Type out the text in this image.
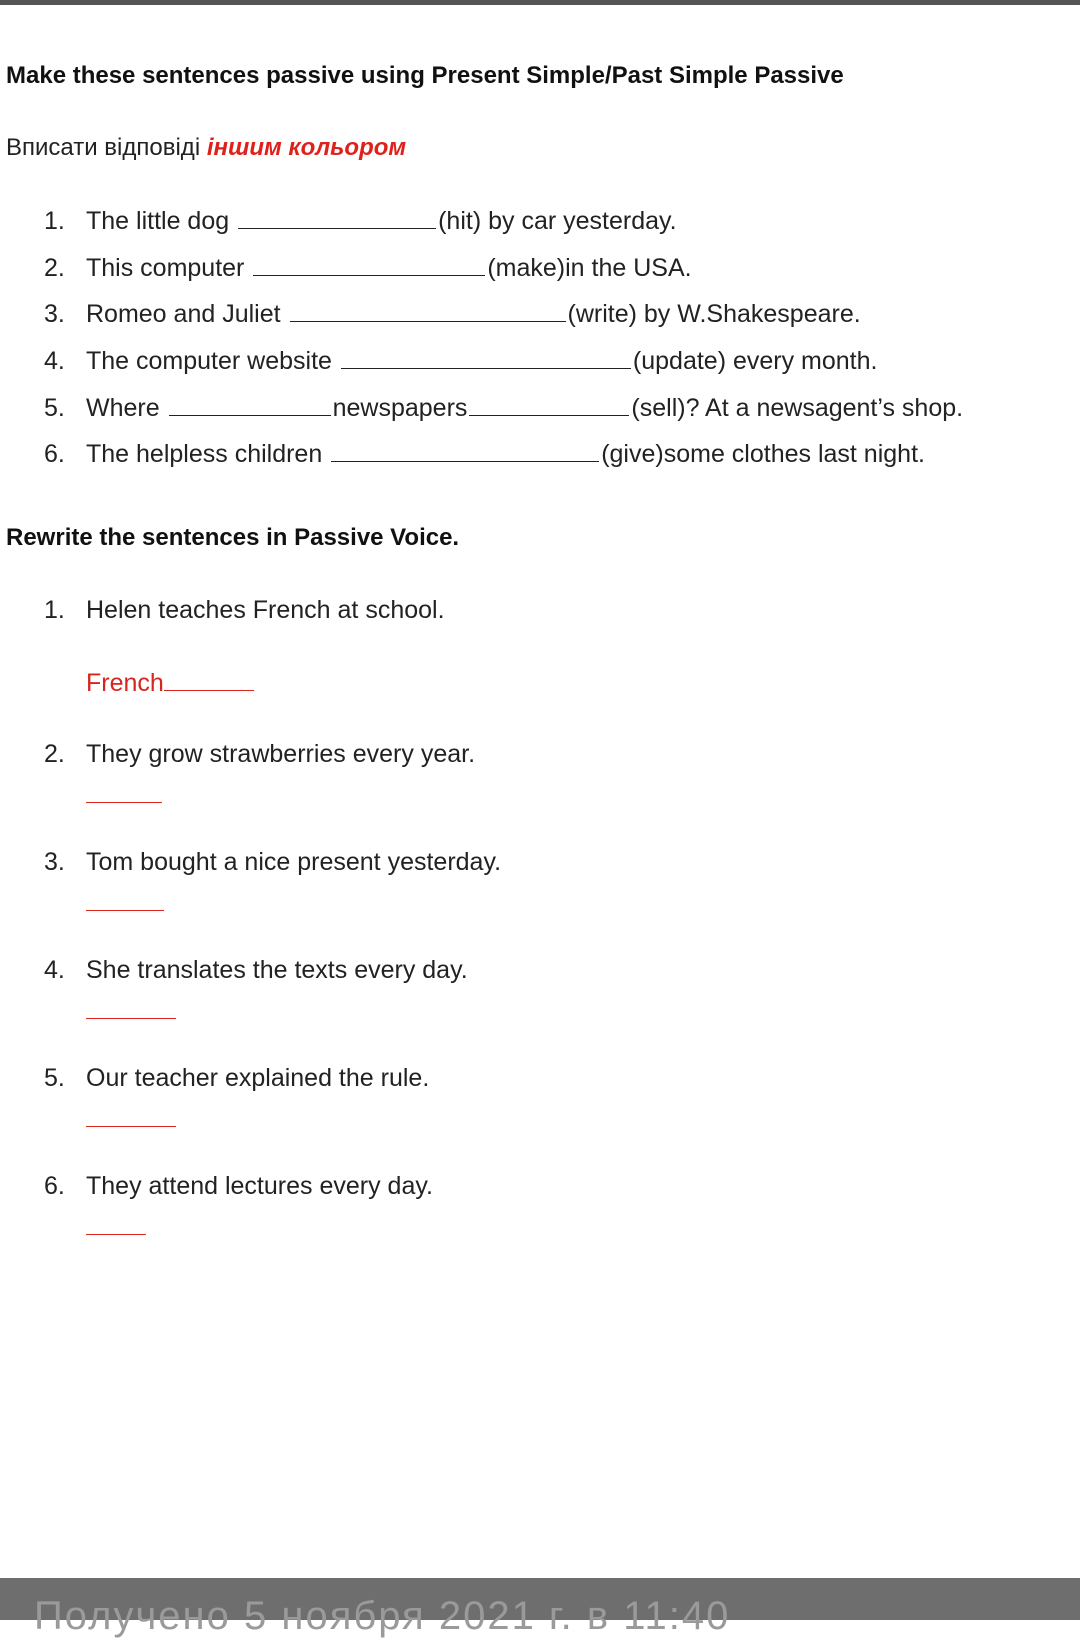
Make these sentences passive using Present Simple/Past Simple Passive
Вписати відповіді іншим кольором
1. The little dog	(hit) by car yesterday.
2. This computer	(make)in the USA.
3. Romeo and Juliet	(write) by W.Shakespeare.
4. The computer website	(update) every month.
5. Where	newspapers	(sell)? At a newsagent’s shop.
6. The helpless children	(give)some clothes last night.
Rewrite the sentences in Passive Voice.
1. Helen teaches French at school.
French
2. They grow strawberries every year.
3. Tom bought a nice present yesterday.
4. She translates the texts every day.
5. Our teacher explained the rule.
6. They attend lectures every day.
Получено 5 ноября 2021 г. в 11:40
